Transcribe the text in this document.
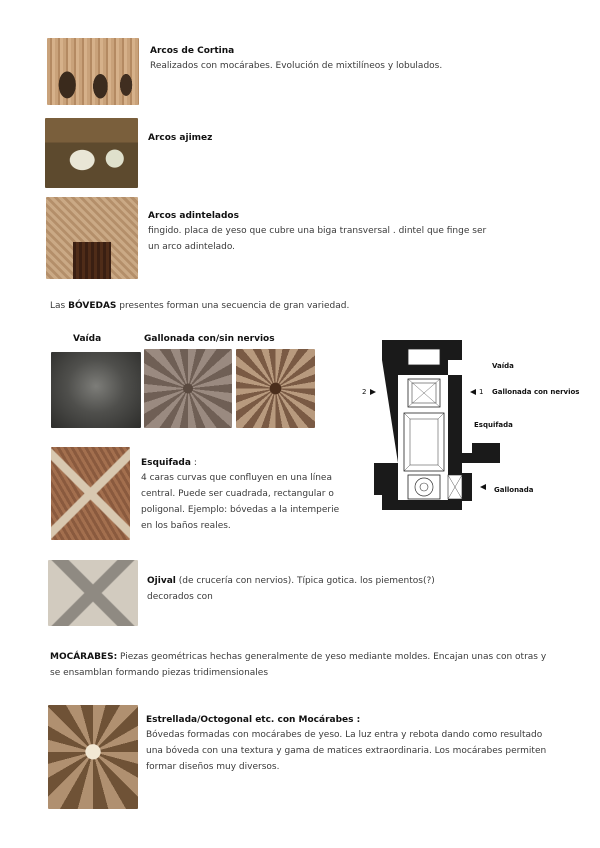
Arcos de Cortina
Realizados con mocárabes. Evolución de mixtilíneos y lobulados.
Arcos ajimez
Arcos adintelados
fingido. placa de yeso que cubre una biga transversal . dintel que finge ser
un arco adintelado.
Las BÓVEDAS presentes forman una secuencia de gran variedad.
Vaída	Gallonada con/sin nervios
Vaída
Gallonada con nervios
Esquifada
Gallonada
2	1
Esquifada :
4 caras curvas que confluyen en una línea
central. Puede ser cuadrada, rectangular o
poligonal. Ejemplo: bóvedas a la intemperie
en los baños reales.
Ojival (de crucería con nervios). Típica gotica. los piementos(?)
decorados con
MOCÁRABES: Piezas geométricas hechas generalmente de yeso mediante moldes. Encajan unas con otras y
se ensamblan formando piezas tridimensionales
Estrellada/Octogonal etc. con Mocárabes :
Bóvedas formadas con mocárabes de yeso. La luz entra y rebota dando como resultado
una bóveda con una textura y gama de matices extraordinaria. Los mocárabes permiten
formar diseños muy diversos.
